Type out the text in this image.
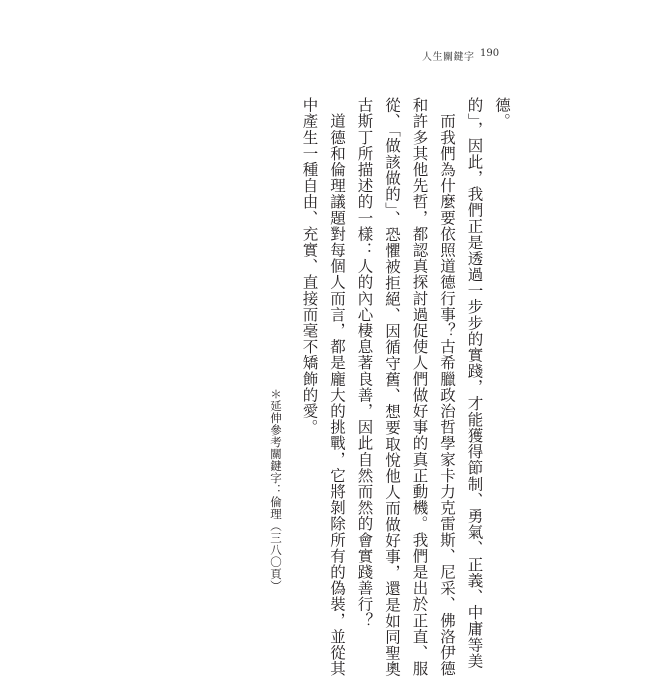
人生關鍵字 190

德。

的」，因此，我們正是透過一步步的實踐，才能獲得節制、勇氣、正義、中庸等美

　而我們為什麼要依照道德行事？古希臘政治哲學家卡力克雷斯、尼采、佛洛伊德

和許多其他先哲，都認真探討過促使人們做好事的真正動機。我們是出於正直、服

從、「做該做的」、恐懼被拒絕、因循守舊、想要取悅他人而做好事，還是如同聖奧

古斯丁所描述的一樣：人的內心棲息著良善，因此自然而然的會實踐善行？

　道德和倫理議題對每個人而言，都是龐大的挑戰，它將剝除所有的偽裝，並從其

中產生一種自由、充實、直接而毫不矯飾的愛。

＊延伸參考關鍵字：倫理（三八〇頁）
